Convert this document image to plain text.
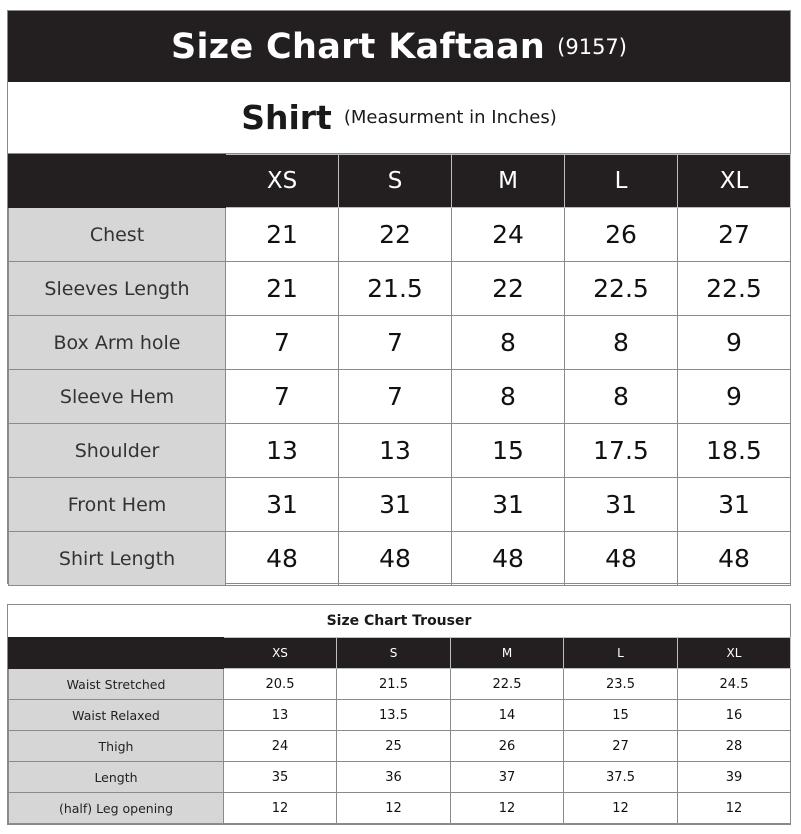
Size Chart Kaftaan (9157)
Shirt (Measurment in Inches)
	XS	S	M	L	XL
Chest	21	22	24	26	27
Sleeves Length	21	21.5	22	22.5	22.5
Box Arm hole	7	7	8	8	9
Sleeve Hem	7	7	8	8	9
Shoulder	13	13	15	17.5	18.5
Front Hem	31	31	31	31	31
Shirt Length	48	48	48	48	48
Size Chart Trouser
	XS	S	M	L	XL
Waist Stretched	20.5	21.5	22.5	23.5	24.5
Waist Relaxed	13	13.5	14	15	16
Thigh	24	25	26	27	28
Length	35	36	37	37.5	39
(half) Leg opening	12	12	12	12	12
